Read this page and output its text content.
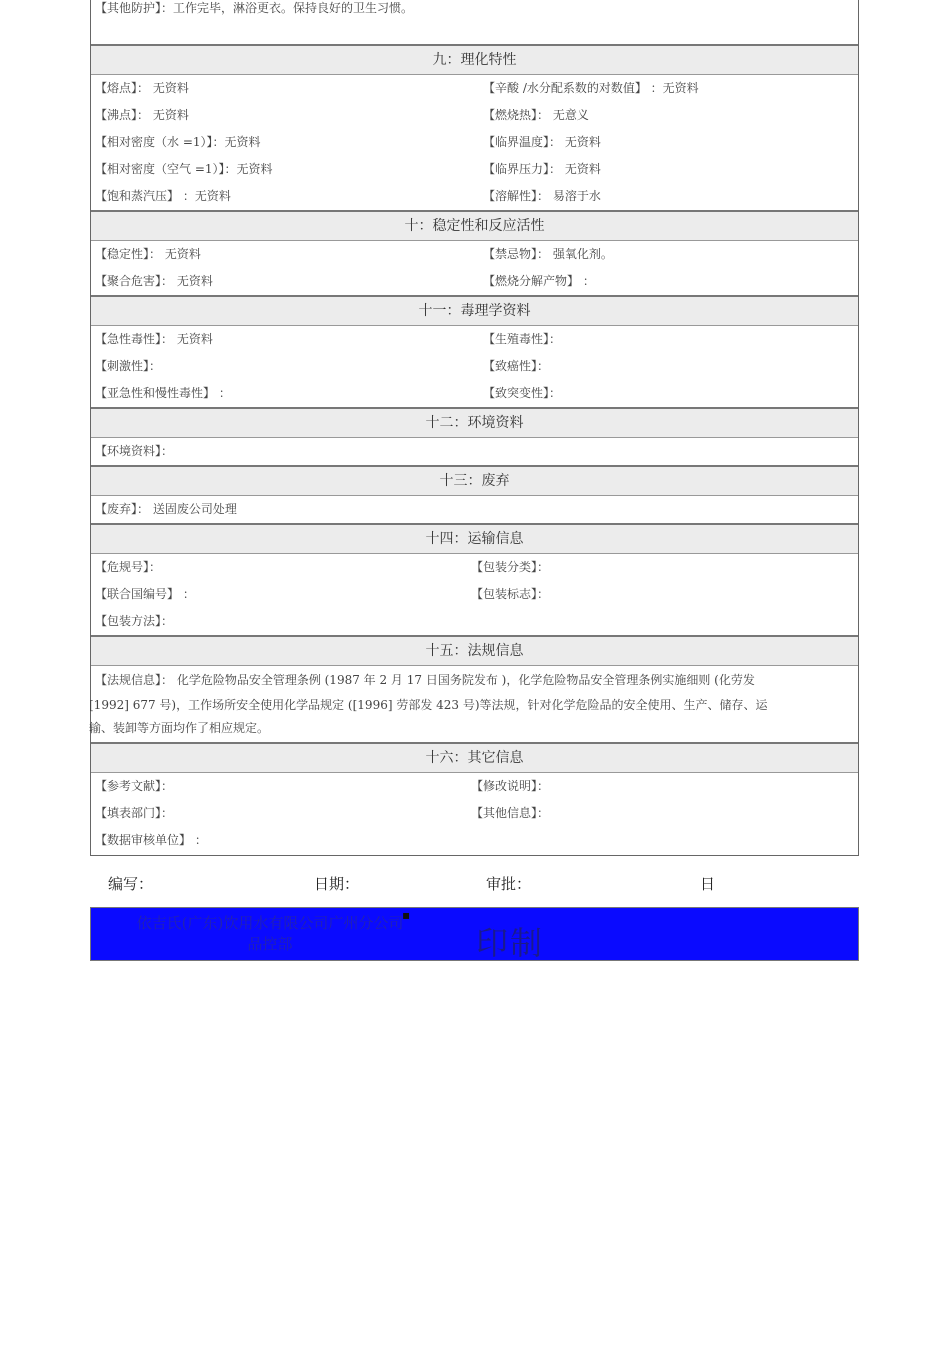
【其他防护】：工作完毕，淋浴更衣。保持良好的卫生习惯。
九：理化特性
【熔点】： 无资料	【辛酸 /水分配系数的对数值】 ：无资料
【沸点】： 无资料	【燃烧热】： 无意义
【相对密度（水 =1）】：无资料	【临界温度】： 无资料
【相对密度（空气 =1）】：无资料	【临界压力】： 无资料
【饱和蒸汽压】 ：无资料	【溶解性】： 易溶于水
十：稳定性和反应活性
【稳定性】： 无资料	【禁忌物】： 强氧化剂。
【聚合危害】： 无资料	【燃烧分解产物】 ：
十一：毒理学资料
【急性毒性】： 无资料	【生殖毒性】：
【刺激性】：	【致癌性】：
【亚急性和慢性毒性】 ：	【致突变性】：
十二：环境资料
【环境资料】：
十三：废弃
【废弃】： 送固废公司处理
十四：运输信息
【危规号】：	【包装分类】：
【联合国编号】 ：	【包装标志】：
【包装方法】：
十五：法规信息
【法规信息】： 化学危险物品安全管理条例 (1987 年 2 月 17 日国务院发布 )，化学危险物品安全管理条例实施细则 (化劳发
[1992] 677 号)，工作场所安全使用化学品规定 ([1996] 劳部发 423 号)等法规，针对化学危险品的安全使用、生产、储存、运
输、装卸等方面均作了相应规定。
十六：其它信息
【参考文献】：	【修改说明】：
【填表部门】：	【其他信息】：
【数据审核单位】 ：
编写：	日期：	审批：	日
依吉氏(广东)饮用水有限公司广州分公司
品控部
▪
印制
